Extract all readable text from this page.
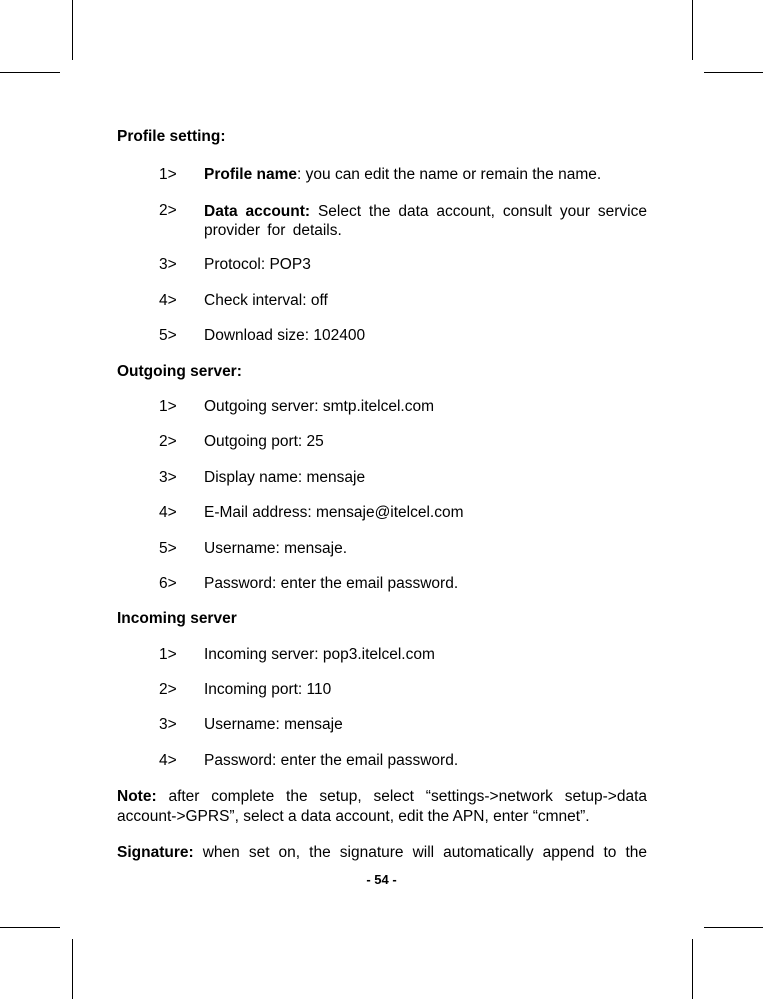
Profile setting:
1> Profile name: you can edit the name or remain the name.
2> Data account: Select the data account, consult your service provider for details.
3> Protocol: POP3
4> Check interval: off
5> Download size: 102400
Outgoing server:
1> Outgoing server: smtp.itelcel.com
2> Outgoing port: 25
3> Display name: mensaje
4> E-Mail address: mensaje@itelcel.com
5> Username: mensaje.
6> Password: enter the email password.
Incoming server
1> Incoming server: pop3.itelcel.com
2> Incoming port: 110
3> Username: mensaje
4> Password: enter the email password.
Note: after complete the setup, select “settings->network setup->data account->GPRS”, select a data account, edit the APN, enter “cmnet”.
Signature: when set on, the signature will automatically append to the
- 54 -
